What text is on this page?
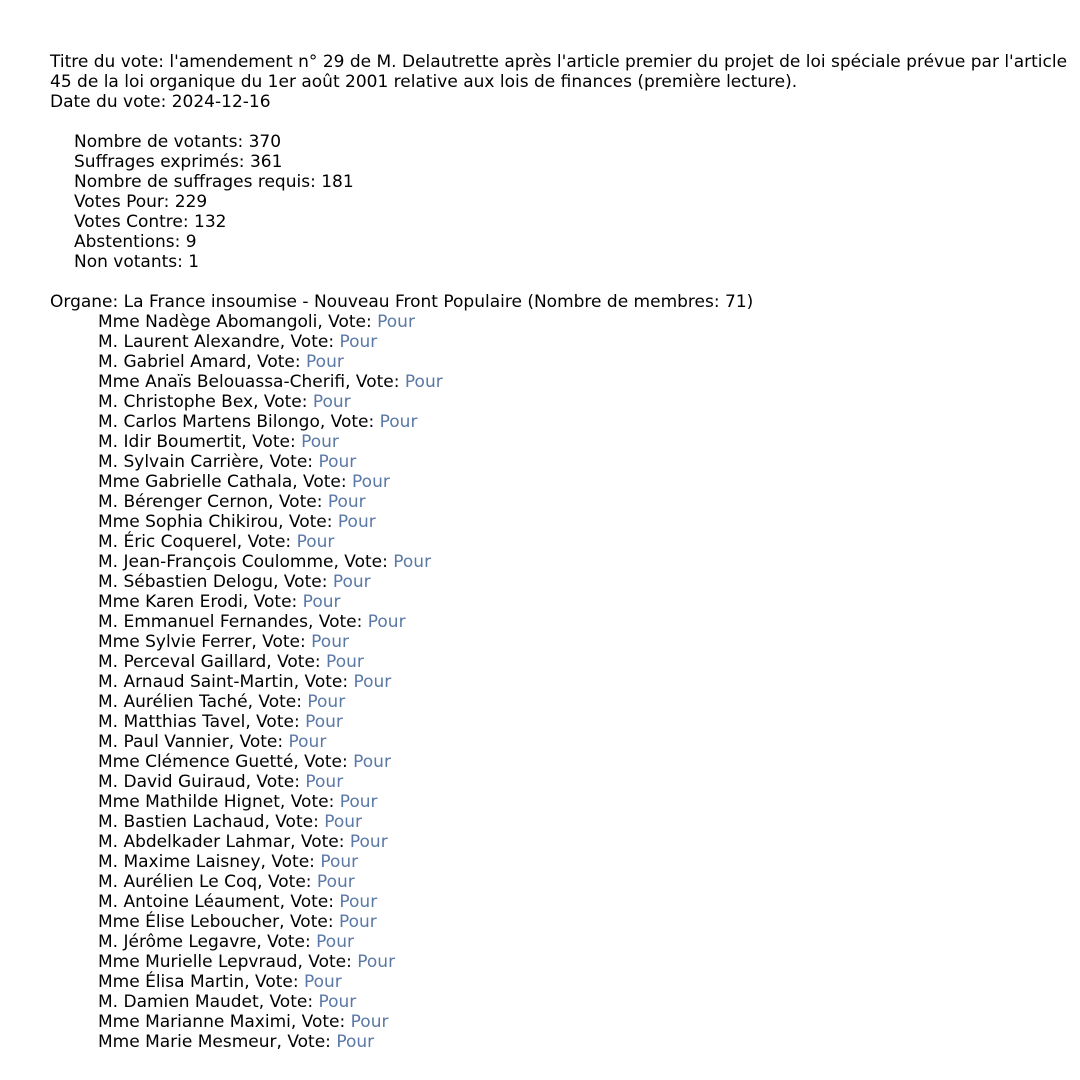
Titre du vote: l'amendement n° 29 de M. Delautrette après l'article premier du projet de loi spéciale prévue par l'article 45 de la loi organique du 1er août 2001 relative aux lois de finances (première lecture).
Date du vote: 2024-12-16
Nombre de votants: 370
Suffrages exprimés: 361
Nombre de suffrages requis: 181
Votes Pour: 229
Votes Contre: 132
Abstentions: 9
Non votants: 1
Organe: La France insoumise - Nouveau Front Populaire (Nombre de membres: 71)
Mme Nadège Abomangoli, Vote: Pour
M. Laurent Alexandre, Vote: Pour
M. Gabriel Amard, Vote: Pour
Mme Anaïs Belouassa-Cherifi, Vote: Pour
M. Christophe Bex, Vote: Pour
M. Carlos Martens Bilongo, Vote: Pour
M. Idir Boumertit, Vote: Pour
M. Sylvain Carrière, Vote: Pour
Mme Gabrielle Cathala, Vote: Pour
M. Bérenger Cernon, Vote: Pour
Mme Sophia Chikirou, Vote: Pour
M. Éric Coquerel, Vote: Pour
M. Jean-François Coulomme, Vote: Pour
M. Sébastien Delogu, Vote: Pour
Mme Karen Erodi, Vote: Pour
M. Emmanuel Fernandes, Vote: Pour
Mme Sylvie Ferrer, Vote: Pour
M. Perceval Gaillard, Vote: Pour
M. Arnaud Saint-Martin, Vote: Pour
M. Aurélien Taché, Vote: Pour
M. Matthias Tavel, Vote: Pour
M. Paul Vannier, Vote: Pour
Mme Clémence Guetté, Vote: Pour
M. David Guiraud, Vote: Pour
Mme Mathilde Hignet, Vote: Pour
M. Bastien Lachaud, Vote: Pour
M. Abdelkader Lahmar, Vote: Pour
M. Maxime Laisney, Vote: Pour
M. Aurélien Le Coq, Vote: Pour
M. Antoine Léaument, Vote: Pour
Mme Élise Leboucher, Vote: Pour
M. Jérôme Legavre, Vote: Pour
Mme Murielle Lepvraud, Vote: Pour
Mme Élisa Martin, Vote: Pour
M. Damien Maudet, Vote: Pour
Mme Marianne Maximi, Vote: Pour
Mme Marie Mesmeur, Vote: Pour
